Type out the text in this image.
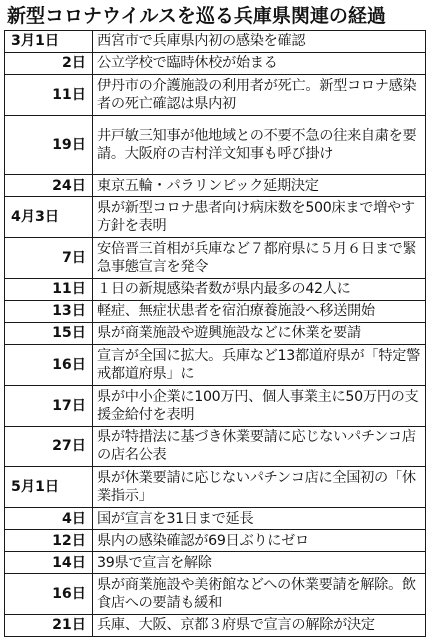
新型コロナウイルスを巡る兵庫県関連の経過
3月1日	西宮市で兵庫県内初の感染を確認
2日	公立学校で臨時休校が始まる
11日	伊丹市の介護施設の利用者が死亡。新型コロナ感染者の死亡確認は県内初
19日	井戸敏三知事が他地域との不要不急の往来自粛を要請。大阪府の吉村洋文知事も呼び掛け
24日	東京五輪・パラリンピック延期決定
4月3日	県が新型コロナ患者向け病床数を500床まで増やす方針を表明
7日	安倍晋三首相が兵庫など７都府県に５月６日まで緊急事態宣言を発令
11日	１日の新規感染者数が県内最多の42人に
13日	軽症、無症状患者を宿泊療養施設へ移送開始
15日	県が商業施設や遊興施設などに休業を要請
16日	宣言が全国に拡大。兵庫など13都道府県が「特定警戒都道府県」に
17日	県が中小企業に100万円、個人事業主に50万円の支援金給付を表明
27日	県が特措法に基づき休業要請に応じないパチンコ店の店名公表
5月1日	県が休業要請に応じないパチンコ店に全国初の「休業指示」
4日	国が宣言を31日まで延長
12日	県内の感染確認が69日ぶりにゼロ
14日	39県で宣言を解除
16日	県が商業施設や美術館などへの休業要請を解除。飲食店への要請も緩和
21日	兵庫、大阪、京都３府県で宣言の解除が決定
